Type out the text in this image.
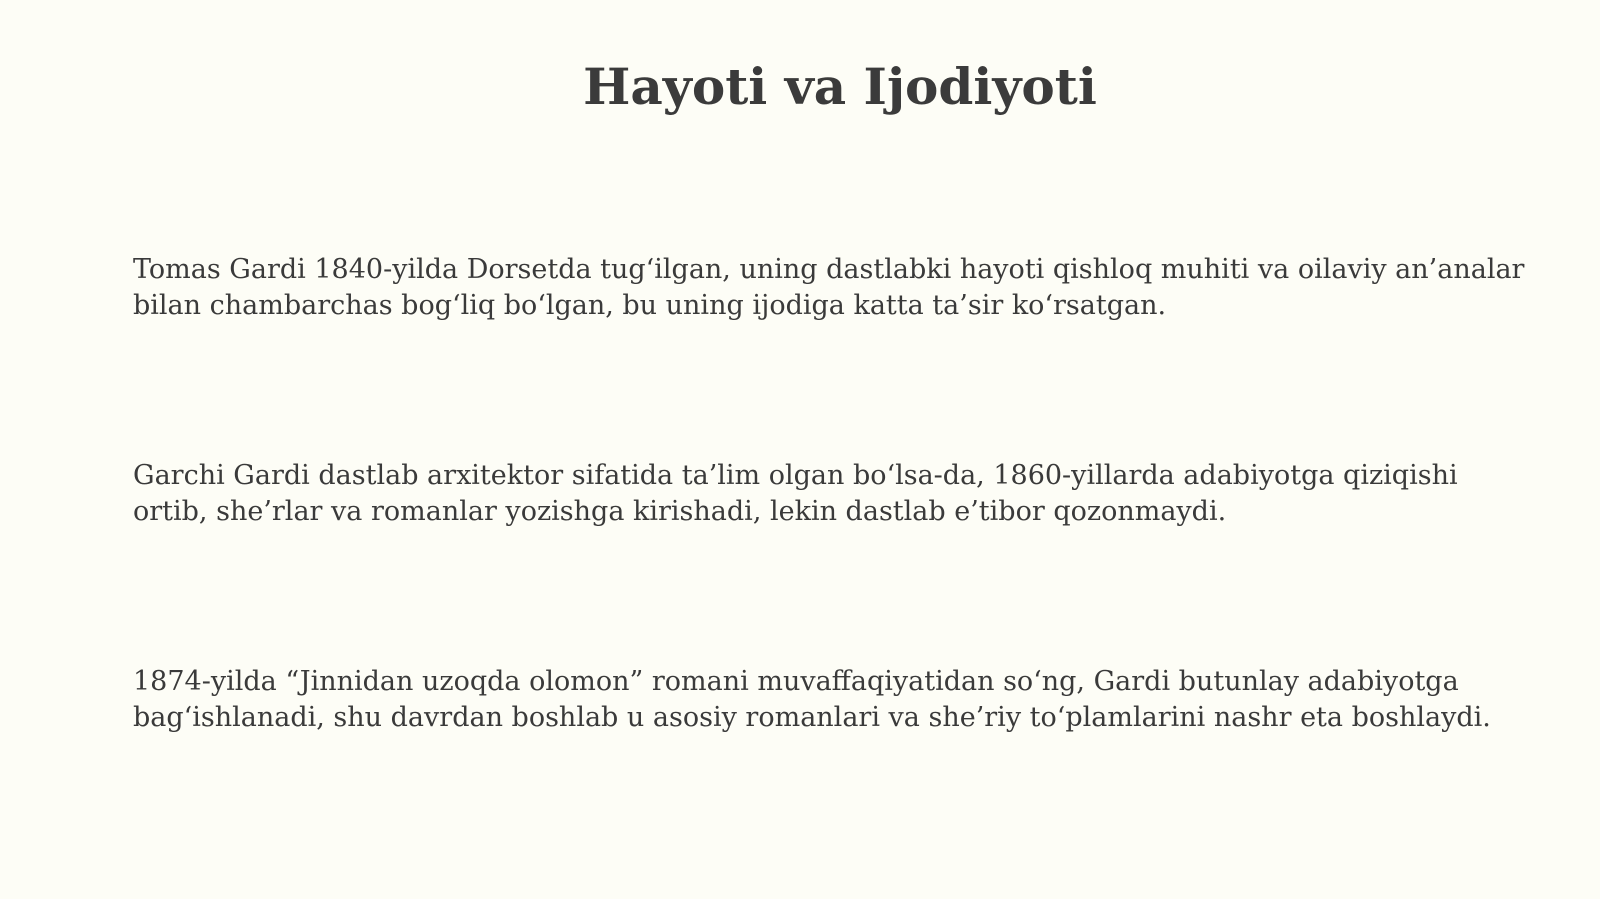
Hayoti va Ijodiyoti

Tomas Gardi 1840-yilda Dorsetda tug‘ilgan, uning dastlabki hayoti qishloq muhiti va oilaviy an’analar bilan chambarchas bog‘liq bo‘lgan, bu uning ijodiga katta ta’sir ko‘rsatgan.

Garchi Gardi dastlab arxitektor sifatida ta’lim olgan bo‘lsa-da, 1860-yillarda adabiyotga qiziqishi ortib, she’rlar va romanlar yozishga kirishadi, lekin dastlab e’tibor qozonmaydi.

1874-yilda “Jinnidan uzoqda olomon” romani muvaffaqiyatidan so‘ng, Gardi butunlay adabiyotga bag‘ishlanadi, shu davrdan boshlab u asosiy romanlari va she’riy to‘plamlarini nashr eta boshlaydi.
